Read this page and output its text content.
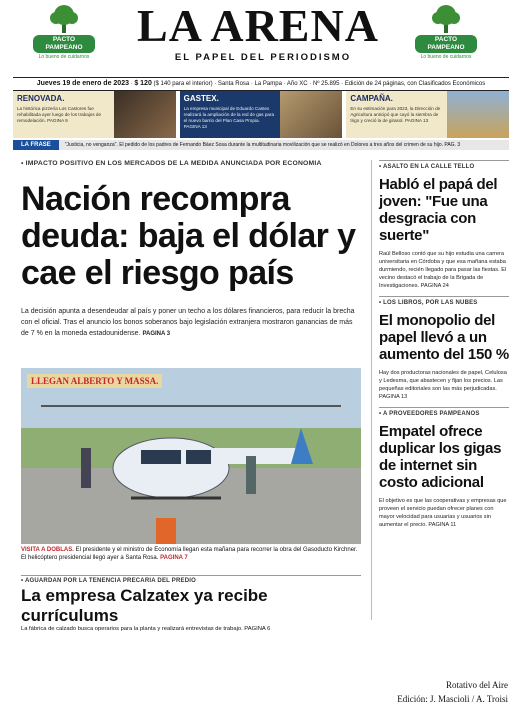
PACTO PAMPEANO
Lo bueno de cuidarnos
LA ARENA
EL PAPEL DEL PERIODISMO
PACTO PAMPEANO
Lo bueno de cuidarnos
Jueves 19 de enero de 2023 · $ 120 ($ 140 para el interior) · Santa Rosa · La Pampa · Año XC · Nº 25.895 · Edición de 24 páginas, con Clasificados Económicos
RENOVADA.
La histórica pizzería Los Castores fue rehabilitada ayer luego de los trabajos de remodelación. PAGINA 9
GASTEX.
La empresa municipal de Eduardo Castex realizará la ampliación de la red de gas para el nuevo barrio del Plan Casa Propia. PAGINA 13
CAMPAÑA.
En su estimación para 2023, la Dirección de Agricultura anticipó que cayó la siembra de trigo y creció la de girasol. PAGINA 13
LA FRASE	"Justicia, no venganza". El pedido de los padres de Fernando Báez Sosa durante la multitudinaria movilización que se realizó en Dolores a tres años del crimen de su hijo. PAG. 3
• IMPACTO POSITIVO EN LOS MERCADOS DE LA MEDIDA ANUNCIADA POR ECONOMIA
Nación recompra deuda: baja el dólar y cae el riesgo país
La decisión apunta a desendeudar al país y poner un techo a los dólares financieros, para reducir la brecha con el oficial. Tras el anuncio los bonos soberanos bajo legislación extranjera mostraron ganancias de más de 7 % en la moneda estadounidense. PAGINA 3
LLEGAN ALBERTO Y MASSA.
VISITA A DOBLAS. El presidente y el ministro de Economía llegan esta mañana para recorrer la obra del Gasoducto Kirchner. El helicóptero presidencial llegó ayer a Santa Rosa. PAGINA 7
• AGUARDAN POR LA TENENCIA PRECARIA DEL PREDIO
La empresa Calzatex ya recibe currículums
La fábrica de calzado busca operarios para la planta y realizará entrevistas de trabajo. PAGINA 6
• ASALTO EN LA CALLE TELLO
Habló el papá del joven: "Fue una desgracia con suerte"
Raúl Belloso contó que su hijo estudia una carrera universitaria en Córdoba y que esa mañana estaba durmiendo, recién llegado para pasar las fiestas. El vecino destacó el trabajo de la Brigada de Investigaciones. PAGINA 24
• LOS LIBROS, POR LAS NUBES
El monopolio del papel llevó a un aumento del 150 %
Hay dos productoras nacionales de papel, Celulosa y Ledesma, que abastecen y fijan los precios. Las pequeñas editoriales son las más perjudicadas. PAGINA 13
• A PROVEEDORES PAMPEANOS
Empatel ofrece duplicar los gigas de internet sin costo adicional
El objetivo es que las cooperativas y empresas que proveen el servicio puedan ofrecer planes con mayor velocidad para usuarias y usuarios sin aumentar el precio. PAGINA 11
Rotativo del Aire
Edición: J. Mascioli / A. Troisi
